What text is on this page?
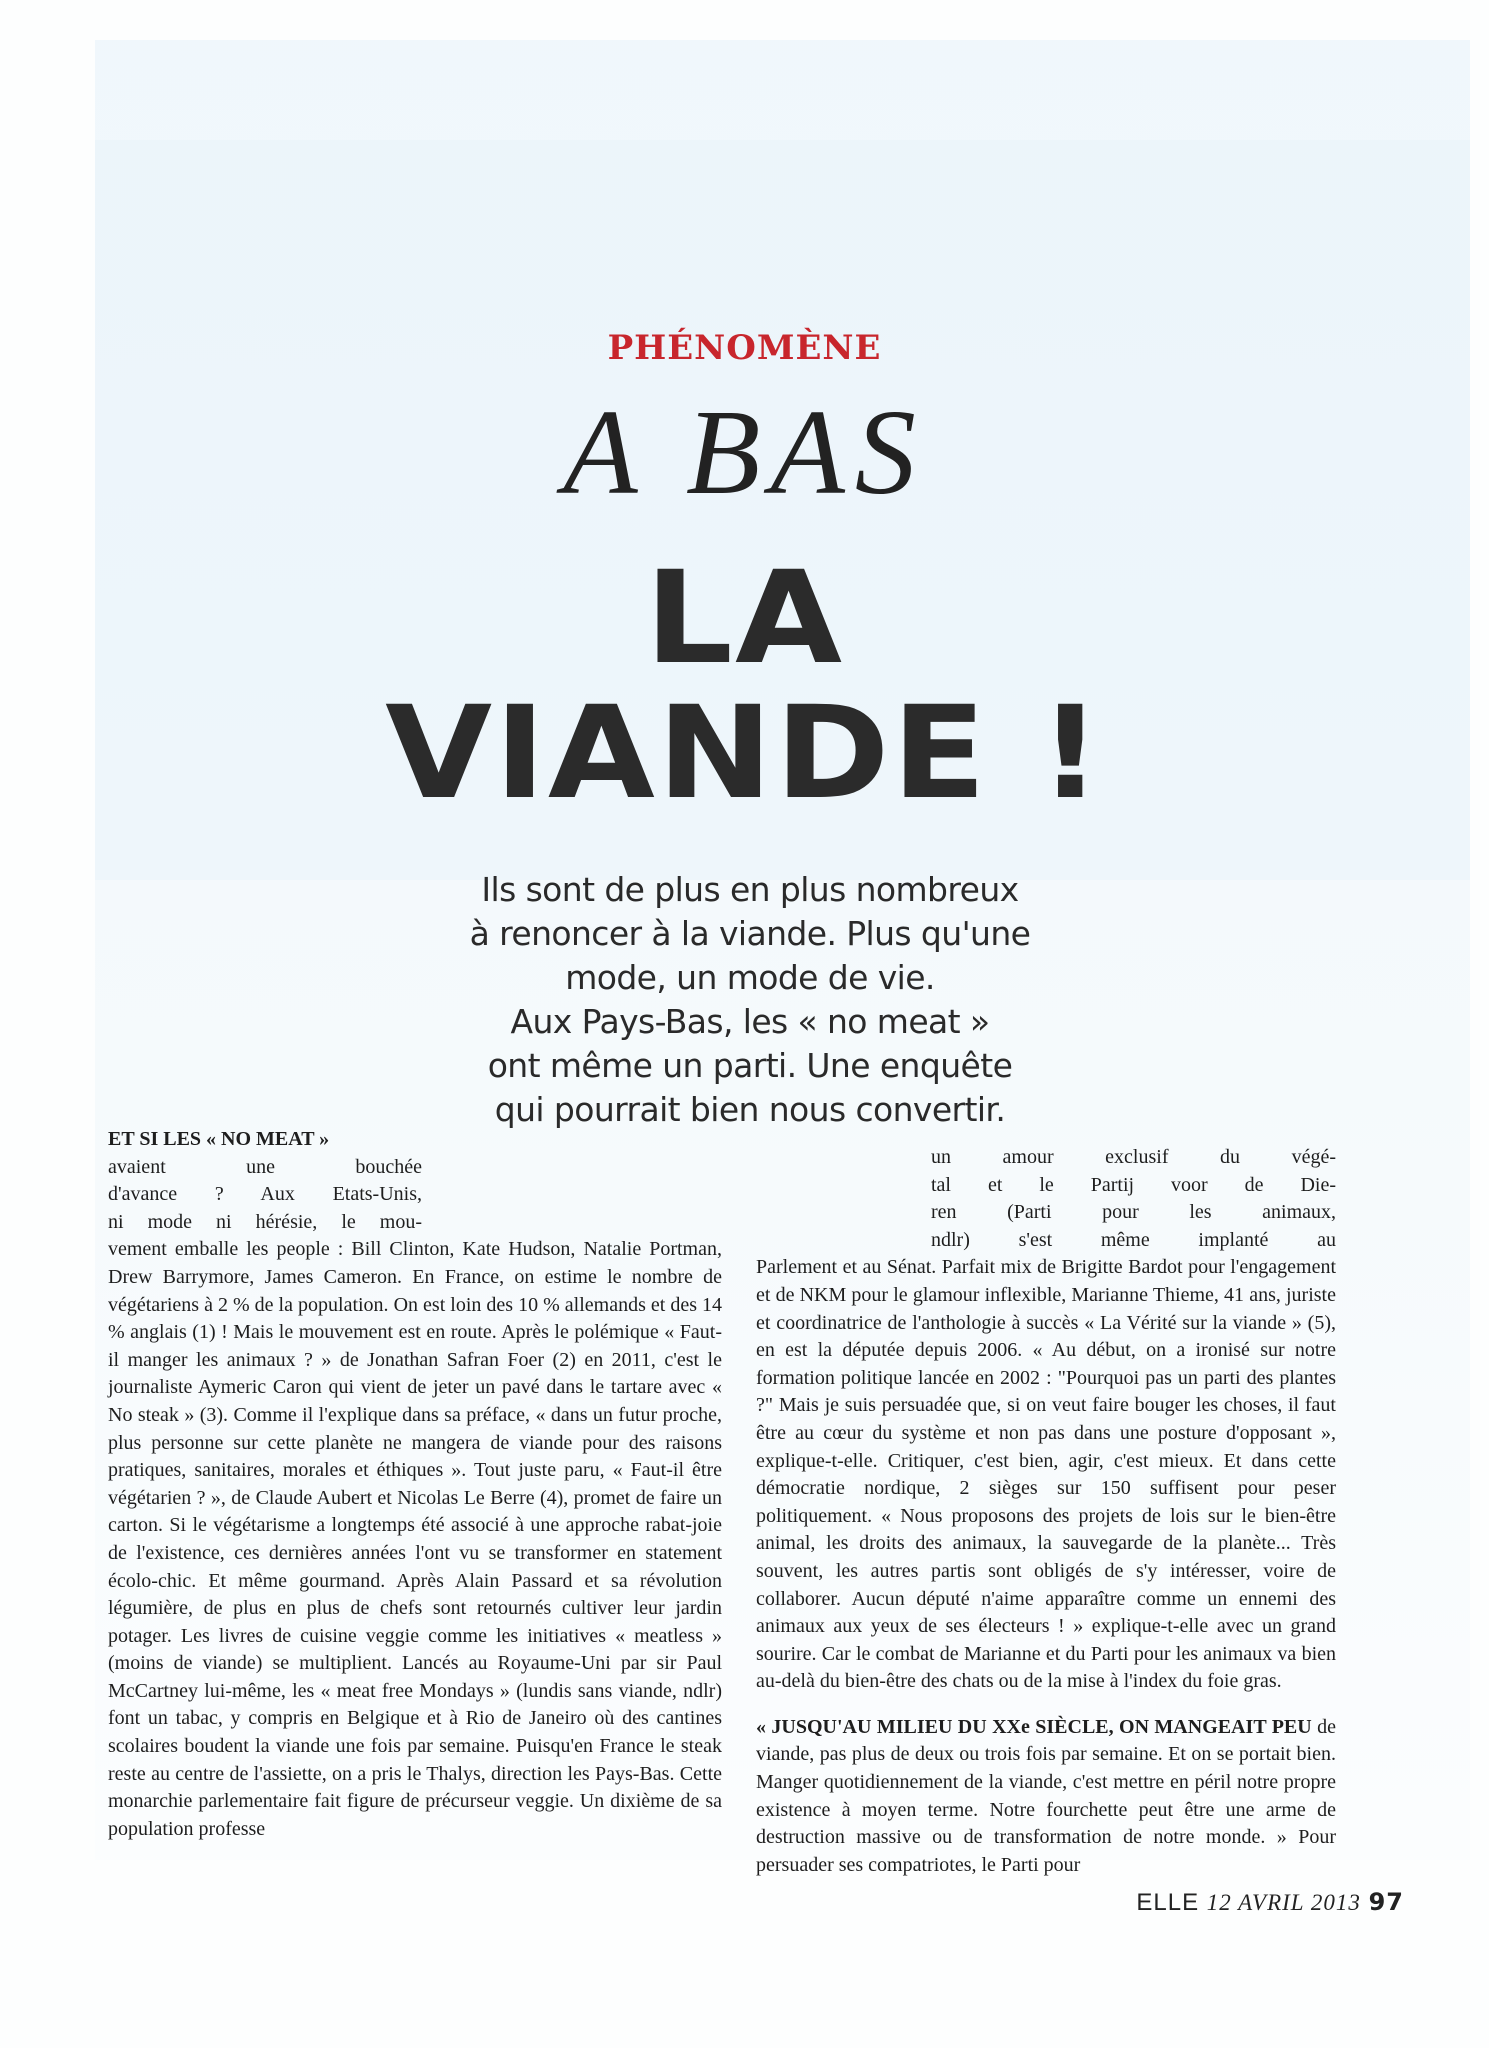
PHÉNOMÈNE
A BAS
LA
VIANDE !
Ils sont de plus en plus nombreux
à renoncer à la viande. Plus qu'une
mode, un mode de vie.
Aux Pays-Bas, les « no meat »
ont même un parti. Une enquête
qui pourrait bien nous convertir.
ET SI LES « NO MEAT »
avaient une bouchée
d'avance ? Aux Etats-Unis,
ni mode ni hérésie, le mou-

vement emballe les people : Bill Clinton, Kate Hudson, Natalie Portman, Drew Barrymore, James Cameron. En France, on estime le nombre de végétariens à 2 % de la population. On est loin des 10 % allemands et des 14 % anglais (1) ! Mais le mouvement est en route. Après le polémique « Faut-il manger les animaux ? » de Jonathan Safran Foer (2) en 2011, c'est le journaliste Aymeric Caron qui vient de jeter un pavé dans le tartare avec « No steak » (3). Comme il l'explique dans sa préface, « dans un futur proche, plus personne sur cette planète ne mangera de viande pour des raisons pratiques, sanitaires, morales et éthiques ». Tout juste paru, « Faut-il être végétarien ? », de Claude Aubert et Nicolas Le Berre (4), promet de faire un carton. Si le végétarisme a longtemps été associé à une approche rabat-joie de l'existence, ces dernières années l'ont vu se transformer en statement écolo-chic. Et même gourmand. Après Alain Passard et sa révolution légumière, de plus en plus de chefs sont retournés cultiver leur jardin potager. Les livres de cuisine veggie comme les initiatives « meatless » (moins de viande) se multiplient. Lancés au Royaume-Uni par sir Paul McCartney lui-même, les « meat free Mondays » (lundis sans viande, ndlr) font un tabac, y compris en Belgique et à Rio de Janeiro où des cantines scolaires boudent la viande une fois par semaine. Puisqu'en France le steak reste au centre de l'assiette, on a pris le Thalys, direction les Pays-Bas. Cette monarchie parlementaire fait figure de précurseur veggie. Un dixième de sa population professe

un amour exclusif du végé-
tal et le Partij voor de Die-
ren (Parti pour les animaux,
ndlr) s'est même implanté au

Parlement et au Sénat. Parfait mix de Brigitte Bardot pour l'engagement et de NKM pour le glamour inflexible, Marianne Thieme, 41 ans, juriste et coordinatrice de l'anthologie à succès « La Vérité sur la viande » (5), en est la députée depuis 2006. « Au début, on a ironisé sur notre formation politique lancée en 2002 : "Pourquoi pas un parti des plantes ?" Mais je suis persuadée que, si on veut faire bouger les choses, il faut être au cœur du système et non pas dans une posture d'opposant », explique-t-elle. Critiquer, c'est bien, agir, c'est mieux. Et dans cette démocratie nordique, 2 sièges sur 150 suffisent pour peser politiquement. « Nous proposons des projets de lois sur le bien-être animal, les droits des animaux, la sauvegarde de la planète... Très souvent, les autres partis sont obligés de s'y intéresser, voire de collaborer. Aucun député n'aime apparaître comme un ennemi des animaux aux yeux de ses électeurs ! » explique-t-elle avec un grand sourire. Car le combat de Marianne et du Parti pour les animaux va bien au-delà du bien-être des chats ou de la mise à l'index du foie gras.

« JUSQU'AU MILIEU DU XXe SIÈCLE, ON MANGEAIT PEU de viande, pas plus de deux ou trois fois par semaine. Et on se portait bien. Manger quotidiennement de la viande, c'est mettre en péril notre propre existence à moyen terme. Notre fourchette peut être une arme de destruction massive ou de transformation de notre monde. » Pour persuader ses compatriotes, le Parti pour

ELLE 12 AVRIL 2013 97
